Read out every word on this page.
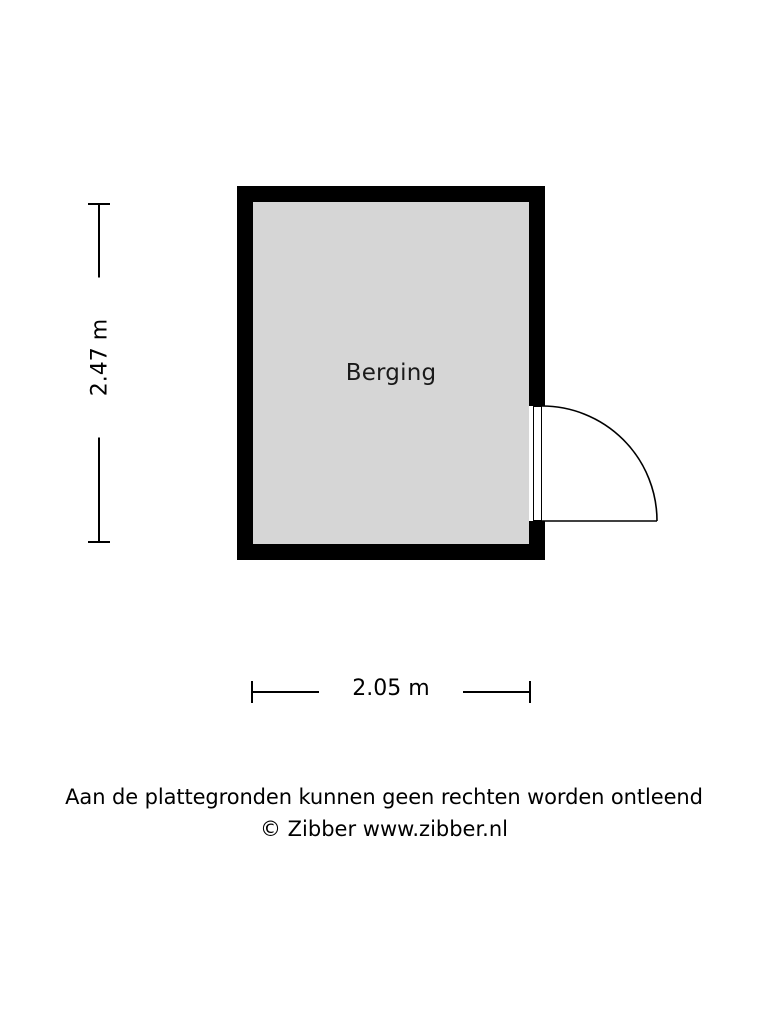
2.47 m	Berging
2.05 m
Aan de plattegronden kunnen geen rechten worden ontleend
© Zibber www.zibber.nl
